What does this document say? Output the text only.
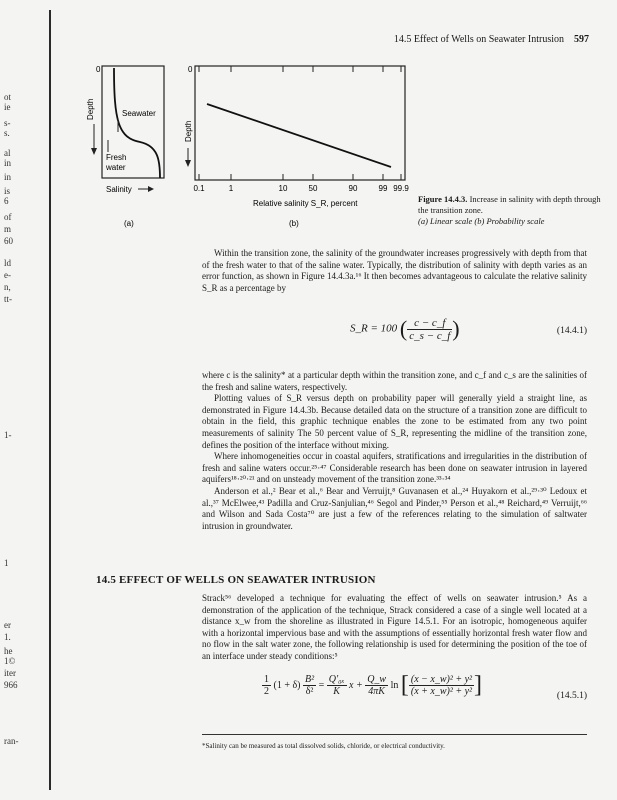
ot
ie
s-
s.
al
in
in
is
6
of
m
60
ld
e-
n,
tt-
1-
1
er
1.
he
1©
iter
966
ran-
14.5 Effect of Wells on Seawater Intrusion 597
0
Depth	Seawater
Fresh
water
Salinity
(a)
0
Depth
0.1	1	10	50	90	99 99.9
Relative salinity S_R, percent
(b)
Figure 14.4.3. Increase in salinity with depth through the transition zone.
(a) Linear scale (b) Probability scale

Within the transition zone, the salinity of the groundwater increases progressively with depth from that of the fresh water to that of the saline water. Typically, the distribution of salinity with depth varies as an error function, as shown in Figure 14.4.3a.¹⁶ It then becomes advantageous to calculate the relative salinity S_R as a percentage by

S_R = 100 ( $\frac{c - c\_f}{c\_s - c\_f}$ )	(14.4.1)

where c is the salinity* at a particular depth within the transition zone, and c_f and c_s are the salinities of the fresh and saline waters, respectively.

Plotting values of S_R versus depth on probability paper will generally yield a straight line, as demonstrated in Figure 14.4.3b. Because detailed data on the structure of a transition zone are difficult to obtain in the field, this graphic technique enables the zone to be estimated from any two point measurements of salinity The 50 percent value of S_R, representing the midline of the transition zone, defines the position of the interface without mixing.

Where inhomogeneities occur in coastal aquifers, stratifications and irregularities in the distribution of fresh and saline waters occur.²⁵·⁴⁷ Considerable research has been done on seawater intrusion in layered aquifers¹⁸·²⁰·²¹ and on unsteady movement of the transition zone.³³·³⁴

Anderson et al.,² Bear et al.,⁶ Bear and Verruijt,⁸ Guvanasen et al.,²⁴ Huyakorn et al.,²⁹·³⁰ Ledoux et al.,³⁷ McElwee,⁴³ Padilla and Cruz-Sanjulian,⁴⁶ Segol and Pinder,⁵⁵ Person et al.,⁴⁸ Reichard,⁴⁹ Verruijt,⁶⁶ and Wilson and Sada Costa⁷⁰ are just a few of the references relating to the simulation of saltwater intrusion in groundwater.

14.5 EFFECT OF WELLS ON SEAWATER INTRUSION

Strack⁵⁶ developed a technique for evaluating the effect of wells on seawater intrusion.⁵ As a demonstration of the application of the technique, Strack considered a case of a single well located at a distance x_w from the shoreline as illustrated in Figure 14.5.1. For an isotropic, homogeneous aquifer with a horizontal impervious base and with the assumptions of essentially horizontal fresh water flow and no flow in the salt water zone, the following relationship is used for determining the position of the toe of an interface under steady conditions:⁵

$\frac{1}{2} (1 + \delta) \frac{\text{B²}}{\text{δ²}} = \frac{\text{Q′₀ₓ}}{K}$ $x + \frac{Q\_w}{4\pi K}$ ln [ $\frac{\text{(x − x\_w)² + y²}}{\text{(x + x\_w)² + y²}}$ ]	(14.5.1)
*Salinity can be measured as total dissolved solids, chloride, or electrical conductivity.
